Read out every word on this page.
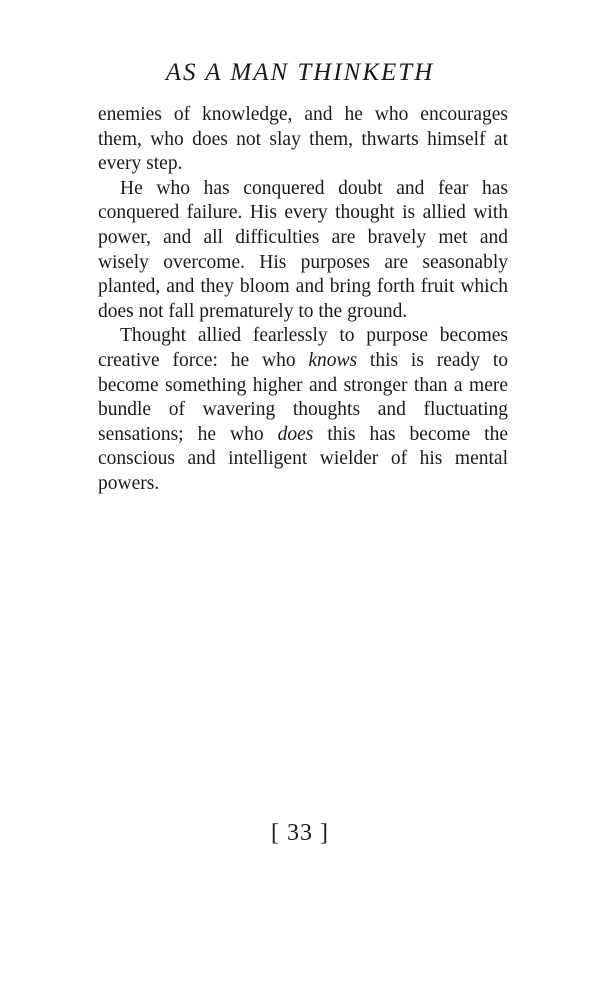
AS A MAN THINKETH

enemies of knowledge, and he who encourages them, who does not slay them, thwarts himself at every step.

He who has conquered doubt and fear has conquered failure. His every thought is allied with power, and all difficulties are bravely met and wisely overcome. His purposes are seasonably planted, and they bloom and bring forth fruit which does not fall prematurely to the ground.

Thought allied fearlessly to purpose becomes creative force: he who knows this is ready to become something higher and stronger than a mere bundle of wavering thoughts and fluctuating sensations; he who does this has become the conscious and intelligent wielder of his mental powers.

[ 33 ]
